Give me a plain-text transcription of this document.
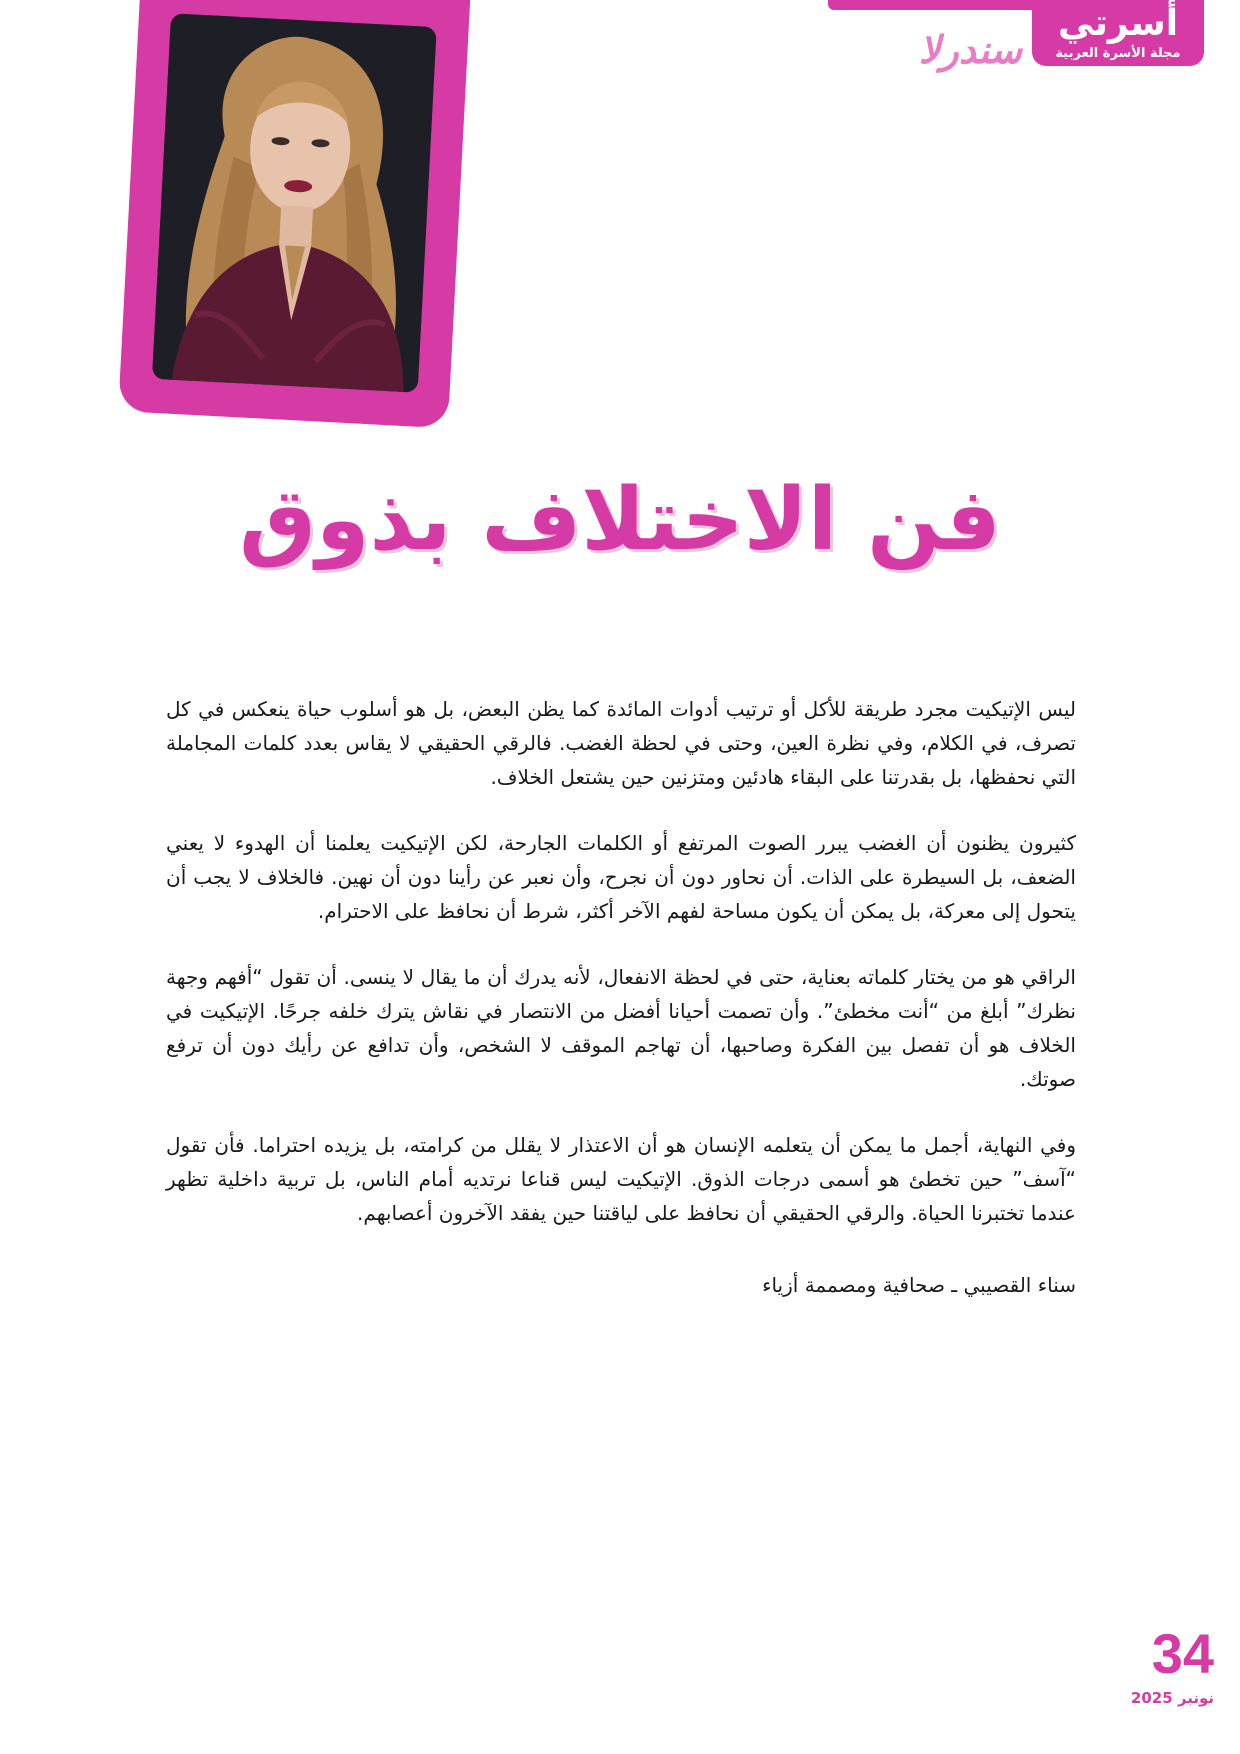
أسرتي
مجلة الأسرة العربية
سندرلا
فن الاختلاف بذوق

ليس الإتيكيت مجرد طريقة للأكل أو ترتيب أدوات المائدة كما يظن البعض، بل هو أسلوب حياة ينعكس في كل تصرف، في الكلام، وفي نظرة العين، وحتى في لحظة الغضب. فالرقي الحقيقي لا يقاس بعدد كلمات المجاملة التي نحفظها، بل بقدرتنا على البقاء هادئين ومتزنين حين يشتعل الخلاف.

كثيرون يظنون أن الغضب يبرر الصوت المرتفع أو الكلمات الجارحة، لكن الإتيكيت يعلمنا أن الهدوء لا يعني الضعف، بل السيطرة على الذات. أن نحاور دون أن نجرح، وأن نعبر عن رأينا دون أن نهين. فالخلاف لا يجب أن يتحول إلى معركة، بل يمكن أن يكون مساحة لفهم الآخر أكثر، شرط أن نحافظ على الاحترام.

الراقي هو من يختار كلماته بعناية، حتى في لحظة الانفعال، لأنه يدرك أن ما يقال لا ينسى. أن تقول “أفهم وجهة نظرك” أبلغ من “أنت مخطئ”. وأن تصمت أحيانا أفضل من الانتصار في نقاش يترك خلفه جرحًا. الإتيكيت في الخلاف هو أن تفصل بين الفكرة وصاحبها، أن تهاجم الموقف لا الشخص، وأن تدافع عن رأيك دون أن ترفع صوتك.

وفي النهاية، أجمل ما يمكن أن يتعلمه الإنسان هو أن الاعتذار لا يقلل من كرامته، بل يزيده احتراما. فأن تقول “آسف” حين تخطئ هو أسمى درجات الذوق. الإتيكيت ليس قناعا نرتديه أمام الناس، بل تربية داخلية تظهر عندما تختبرنا الحياة. والرقي الحقيقي أن نحافظ على لياقتنا حين يفقد الآخرون أعصابهم.

سناء القصيبي ـ صحافية ومصممة أزياء
34
نونبر 2025
